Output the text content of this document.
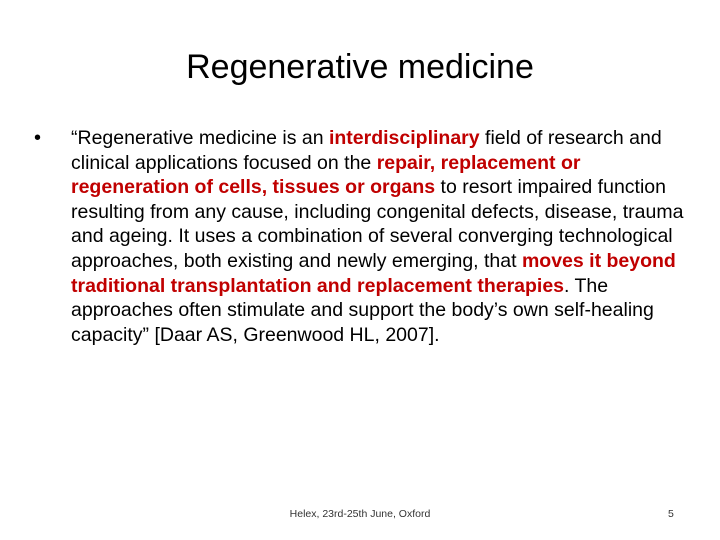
Regenerative medicine
• “Regenerative medicine is an interdisciplinary field of research and clinical applications focused on the repair, replacement or regeneration of cells, tissues or organs to resort impaired function resulting from any cause, including congenital defects, disease, trauma and ageing. It uses a combination of several converging technological approaches, both existing and newly emerging, that moves it beyond traditional transplantation and replacement therapies. The approaches often stimulate and support the body’s own self-healing capacity” [Daar AS, Greenwood HL, 2007].
Helex, 23rd-25th June, Oxford	5
